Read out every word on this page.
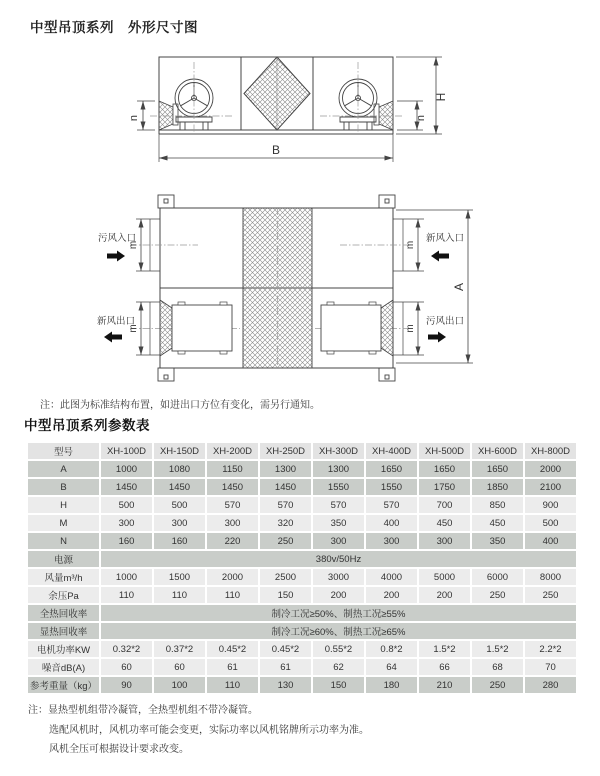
中型吊顶系列　外形尺寸图
n	n
H
B
m
m
m
m
A
污风入口
新风出口
新风入口
污风出口
注：此图为标准结构布置，如进出口方位有变化，需另行通知。
中型吊顶系列参数表
型号	XH-100D	XH-150D	XH-200D	XH-250D	XH-300D	XH-400D	XH-500D	XH-600D	XH-800D
A	1000	1080	1150	1300	1300	1650	1650	1650	2000
B	1450	1450	1450	1450	1550	1550	1750	1850	2100
H	500	500	570	570	570	570	700	850	900
M	300	300	300	320	350	400	450	450	500
N	160	160	220	250	300	300	300	350	400
电源	380v/50Hz								
风量m³/h	1000	1500	2000	2500	3000	4000	5000	6000	8000
余压Pa	110	110	110	150	200	200	200	250	250
全热回收率	制冷工况≥50%、制热工况≥55%								
显热回收率	制冷工况≥60%、制热工况≥65%								
电机功率KW	0.32*2	0.37*2	0.45*2	0.45*2	0.55*2	0.8*2	1.5*2	1.5*2	2.2*2
噪音dB(A)	60	60	61	61	62	64	66	68	70
参考重量（kg）	90	100	110	130	150	180	210	250	280
注：显热型机组带冷凝管，全热型机组不带冷凝管。
选配风机时，风机功率可能会变更，实际功率以风机铭牌所示功率为准。
风机全压可根据设计要求改变。
